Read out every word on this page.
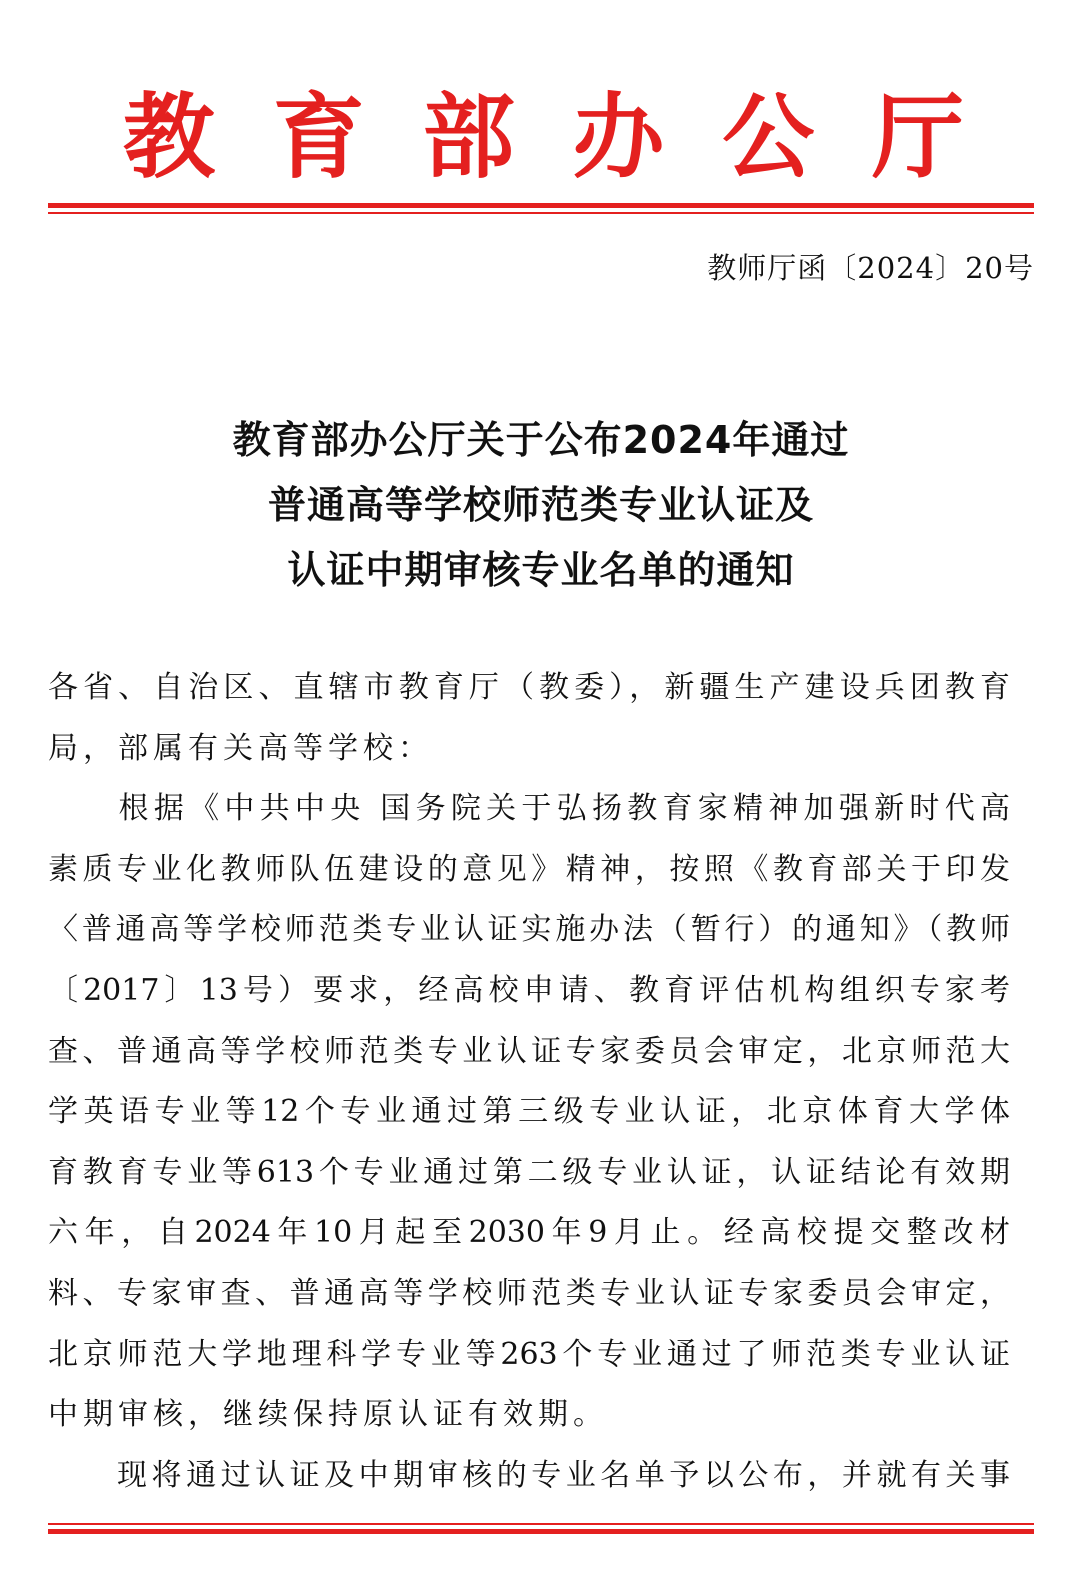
教 育 部 办 公 厅
教师厅函〔2024〕20号
教育部办公厅关于公布2024年通过
普通高等学校师范类专业认证及
认证中期审核专业名单的通知
各省、自治区、直辖市教育厅（教委），新疆生产建设兵团教育
局，部属有关高等学校：
　　根据《中共中央 国务院关于弘扬教育家精神加强新时代高
素质专业化教师队伍建设的意见》精神，按照《教育部关于印发
〈普通高等学校师范类专业认证实施办法（暂行）的通知》（教师
〔2017〕13号）要求，经高校申请、教育评估机构组织专家考
查、普通高等学校师范类专业认证专家委员会审定，北京师范大
学英语专业等12个专业通过第三级专业认证，北京体育大学体
育教育专业等613个专业通过第二级专业认证，认证结论有效期
六年，自2024年10月起至2030年9月止。经高校提交整改材
料、专家审查、普通高等学校师范类专业认证专家委员会审定，
北京师范大学地理科学专业等263个专业通过了师范类专业认证
中期审核，继续保持原认证有效期。
　　现将通过认证及中期审核的专业名单予以公布，并就有关事
